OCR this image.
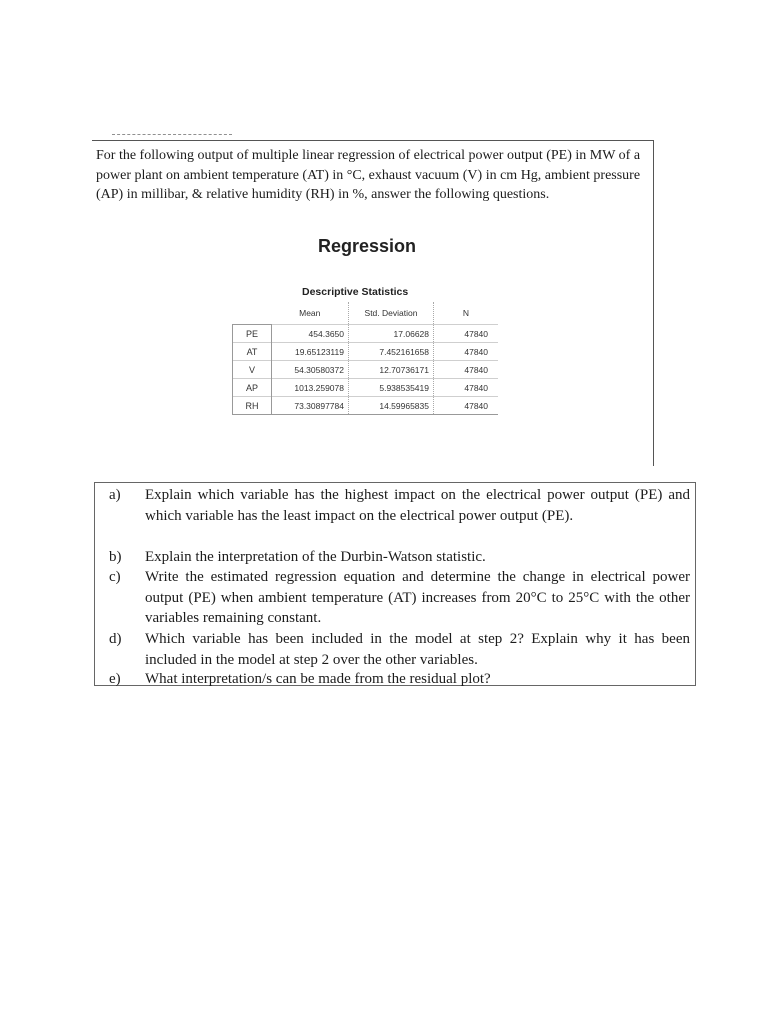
For the following output of multiple linear regression of electrical power output (PE) in MW of a power plant on ambient temperature (AT) in °C, exhaust vacuum (V) in cm Hg, ambient pressure (AP) in millibar, & relative humidity (RH) in %, answer the following questions.
Regression
Descriptive Statistics
	Mean	Std. Deviation	N
PE	454.3650	17.06628	47840
AT	19.65123119	7.452161658	47840
V	54.30580372	12.70736171	47840
AP	1013.259078	5.938535419	47840
RH	73.30897784	14.59965835	47840
a) Explain which variable has the highest impact on the electrical power output (PE) and which variable has the least impact on the electrical power output (PE).
b) Explain the interpretation of the Durbin-Watson statistic.
c) Write the estimated regression equation and determine the change in electrical power output (PE) when ambient temperature (AT) increases from 20°C to 25°C with the other variables remaining constant.
d) Which variable has been included in the model at step 2? Explain why it has been included in the model at step 2 over the other variables.
e) What interpretation/s can be made from the residual plot?
